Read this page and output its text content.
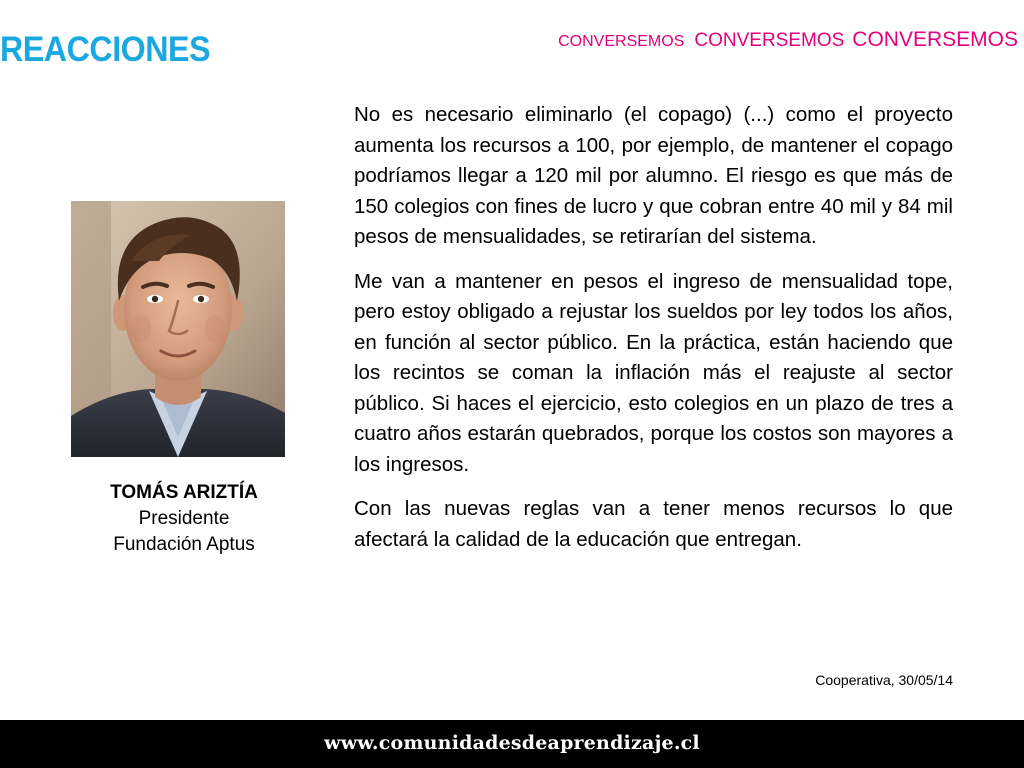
REACCIONES	CONVERSEMOS CONVERSEMOS CONVERSEMOS
TOMÁS ARIZTÍA
Presidente
Fundación Aptus

No es necesario eliminarlo (el copago) (...) como el proyecto aumenta los recursos a 100, por ejemplo, de mantener el copago podríamos llegar a 120 mil por alumno. El riesgo es que más de 150 colegios con fines de lucro y que cobran entre 40 mil y 84 mil pesos de mensualidades, se retirarían del sistema.

Me van a mantener en pesos el ingreso de mensualidad tope, pero estoy obligado a rejustar los sueldos por ley todos los años, en función al sector público. En la práctica, están haciendo que los recintos se coman la inflación más el reajuste al sector público. Si haces el ejercicio, esto colegios en un plazo de tres a cuatro años estarán quebrados, porque los costos son mayores a los ingresos.

Con las nuevas reglas van a tener menos recursos lo que afectará la calidad de la educación que entregan.

Cooperativa, 30/05/14
www.comunidadesdeaprendizaje.cl
